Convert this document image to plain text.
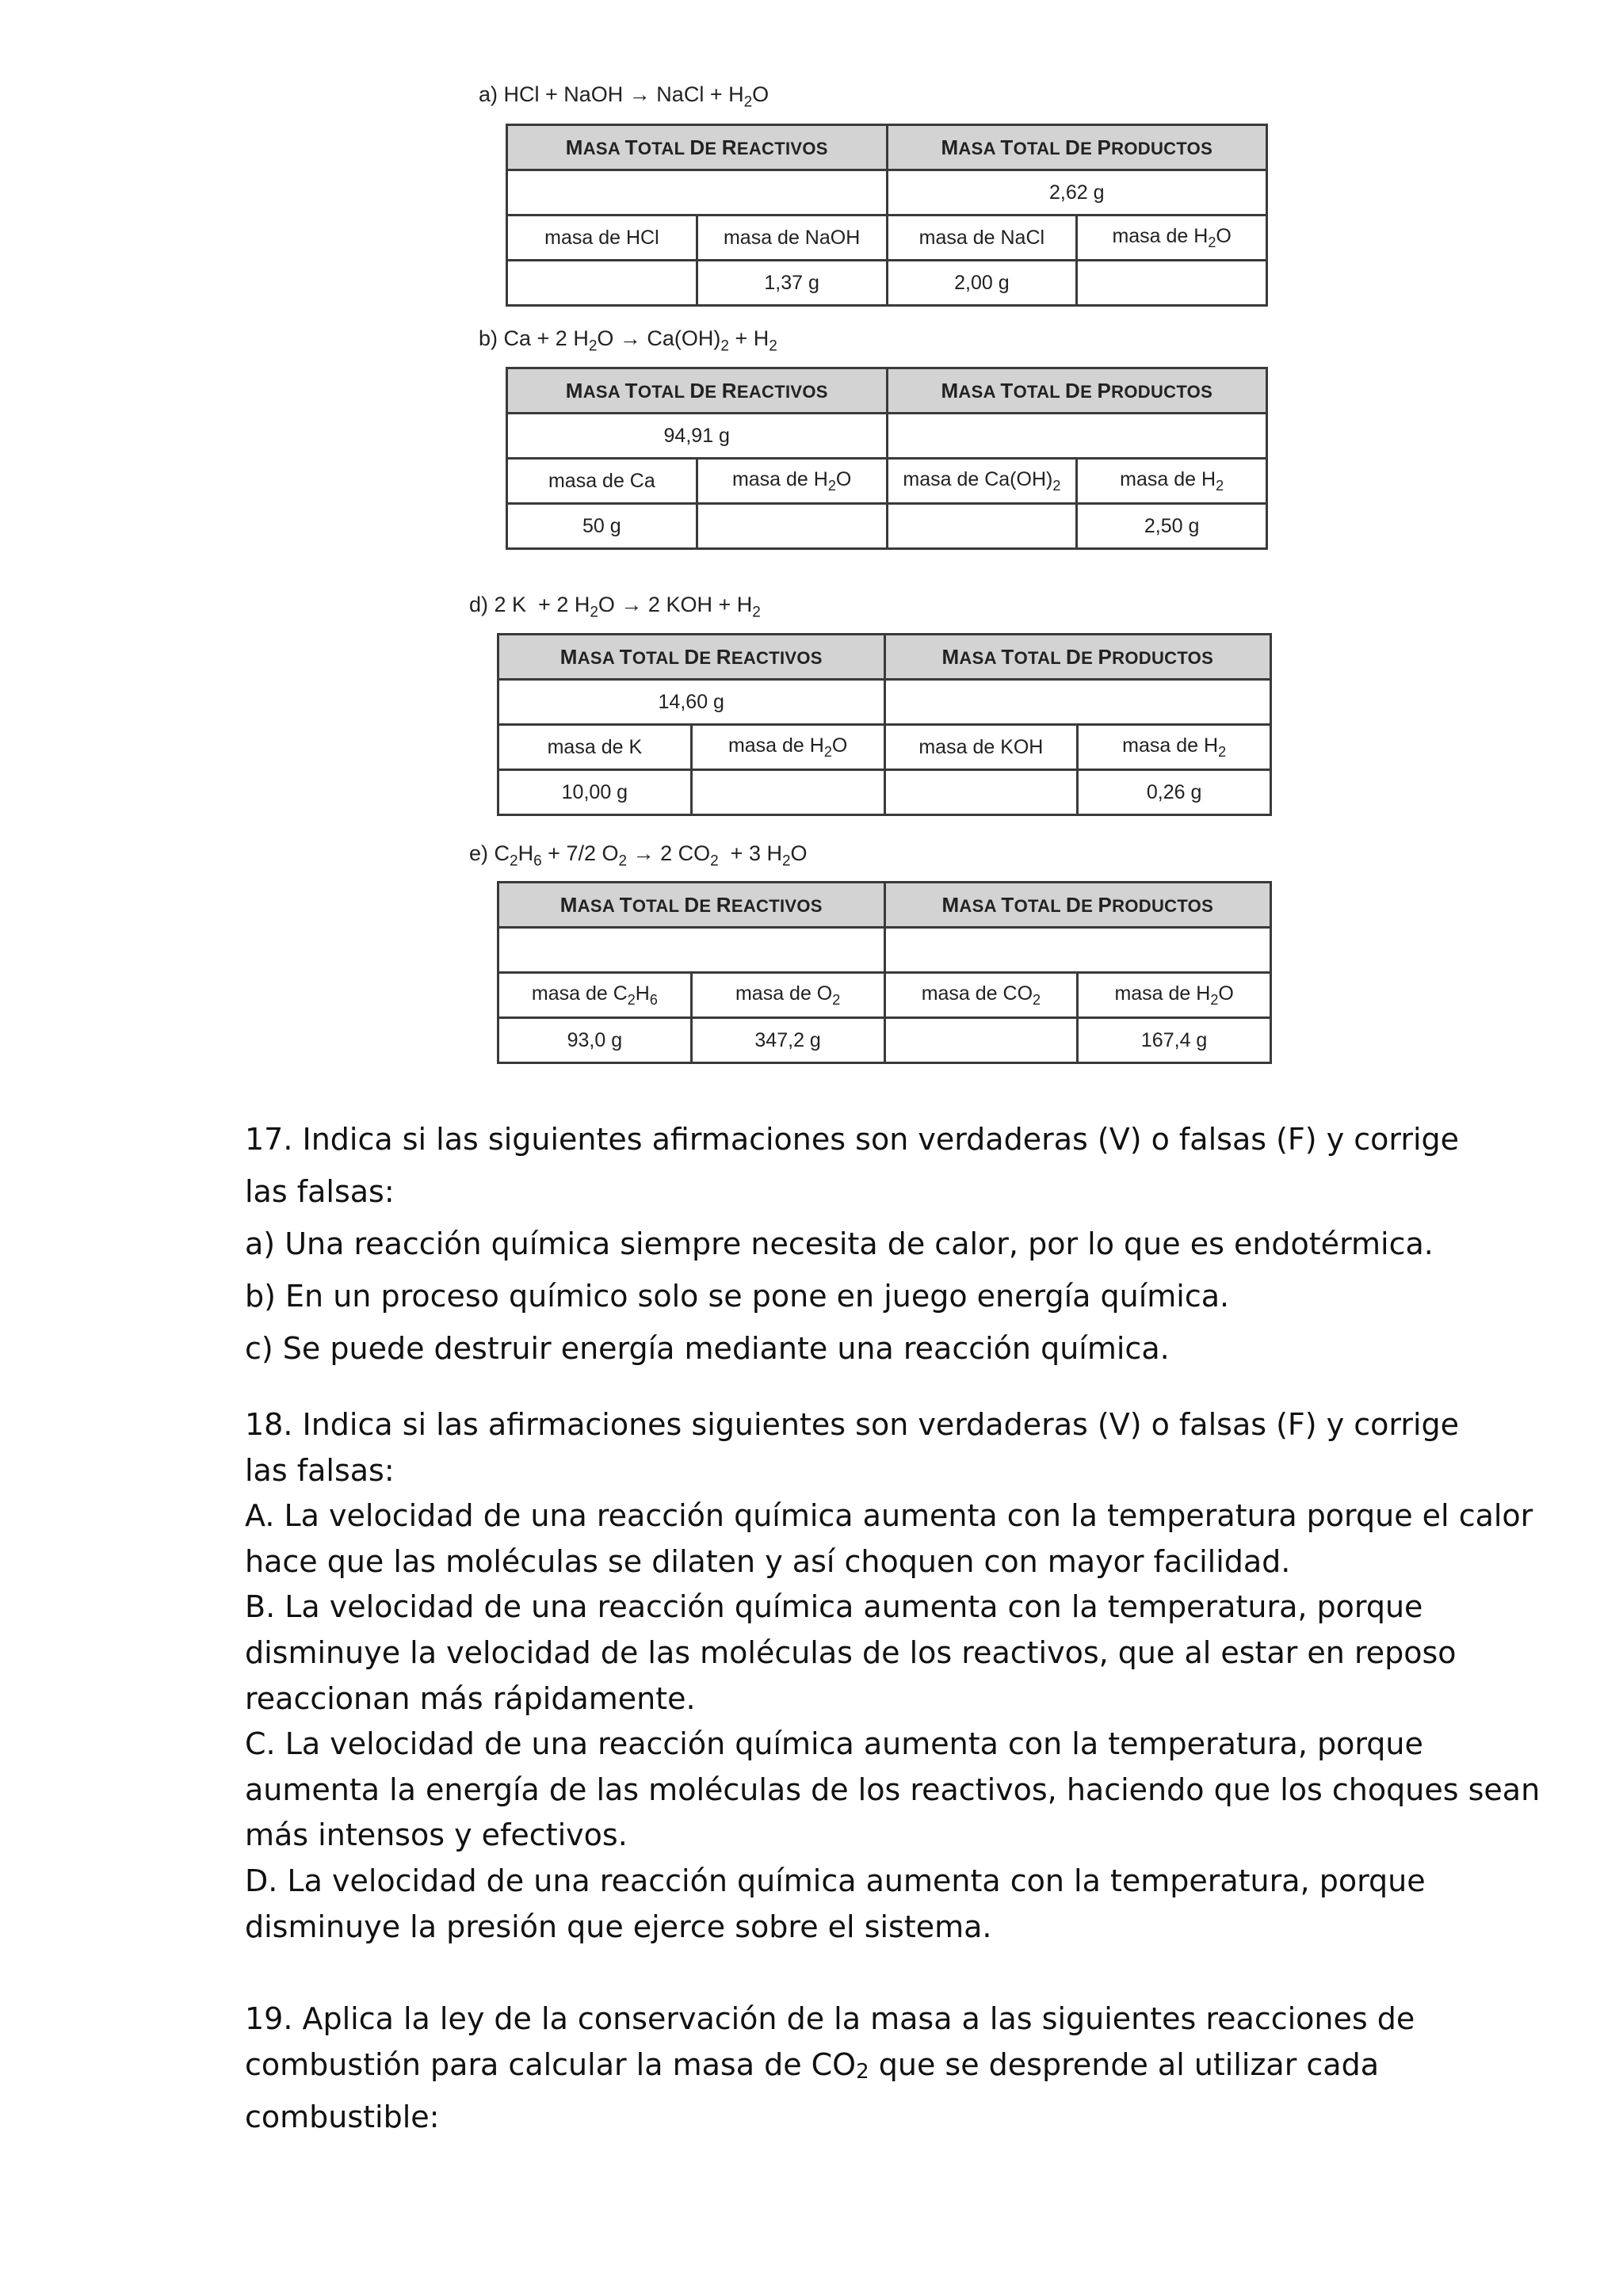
a) HCl + NaOH → NaCl + $H_2O$
MASA TOTAL DE REACTIVOS		MASA TOTAL DE PRODUCTOS	
		2,62 g	
masa de HCl	masa de NaOH	masa de NaCl	masa de $H_2O$
	1,37 g	2,00 g	
b) Ca + 2 $H_2O \to Ca(OH)_2 + H_2$
MASA TOTAL DE REACTIVOS		MASA TOTAL DE PRODUCTOS	
94,91 g			
masa de Ca	masa de $H_2O$	masa de $Ca(OH)_2$	masa de $H_2$
50 g			2,50 g
d) 2 K  + 2 $H_2O \to 2$ KOH + $H_2$
MASA TOTAL DE REACTIVOS		MASA TOTAL DE PRODUCTOS	
14,60 g			
masa de K	masa de $H_2O$	masa de KOH	masa de $H_2$
10,00 g			0,26 g
e) $C_2H_6 + 7/2$ $O_2 \to 2$ $CO_2 + 3$ $H_2O$
MASA TOTAL DE REACTIVOS		MASA TOTAL DE PRODUCTOS	

masa de $C_2H_6$	masa de $O_2$	masa de $CO_2$	masa de $H_2O$
93,0 g	347,2 g		167,4 g

17. Indica si las siguientes afirmaciones son verdaderas (V) o falsas (F) y corrige

las falsas:

a) Una reacción química siempre necesita de calor, por lo que es endotérmica.

b) En un proceso químico solo se pone en juego energía química.

c) Se puede destruir energía mediante una reacción química.

18. Indica si las afirmaciones siguientes son verdaderas (V) o falsas (F) y corrige

las falsas:

A. La velocidad de una reacción química aumenta con la temperatura porque el calor

hace que las moléculas se dilaten y así choquen con mayor facilidad.

B. La velocidad de una reacción química aumenta con la temperatura, porque

disminuye la velocidad de las moléculas de los reactivos, que al estar en reposo

reaccionan más rápidamente.

C. La velocidad de una reacción química aumenta con la temperatura, porque

aumenta la energía de las moléculas de los reactivos, haciendo que los choques sean

más intensos y efectivos.

D. La velocidad de una reacción química aumenta con la temperatura, porque

disminuye la presión que ejerce sobre el sistema.

19. Aplica la ley de la conservación de la masa a las siguientes reacciones de

combustión para calcular la masa de $CO_2$ que se desprende al utilizar cada

combustible:
